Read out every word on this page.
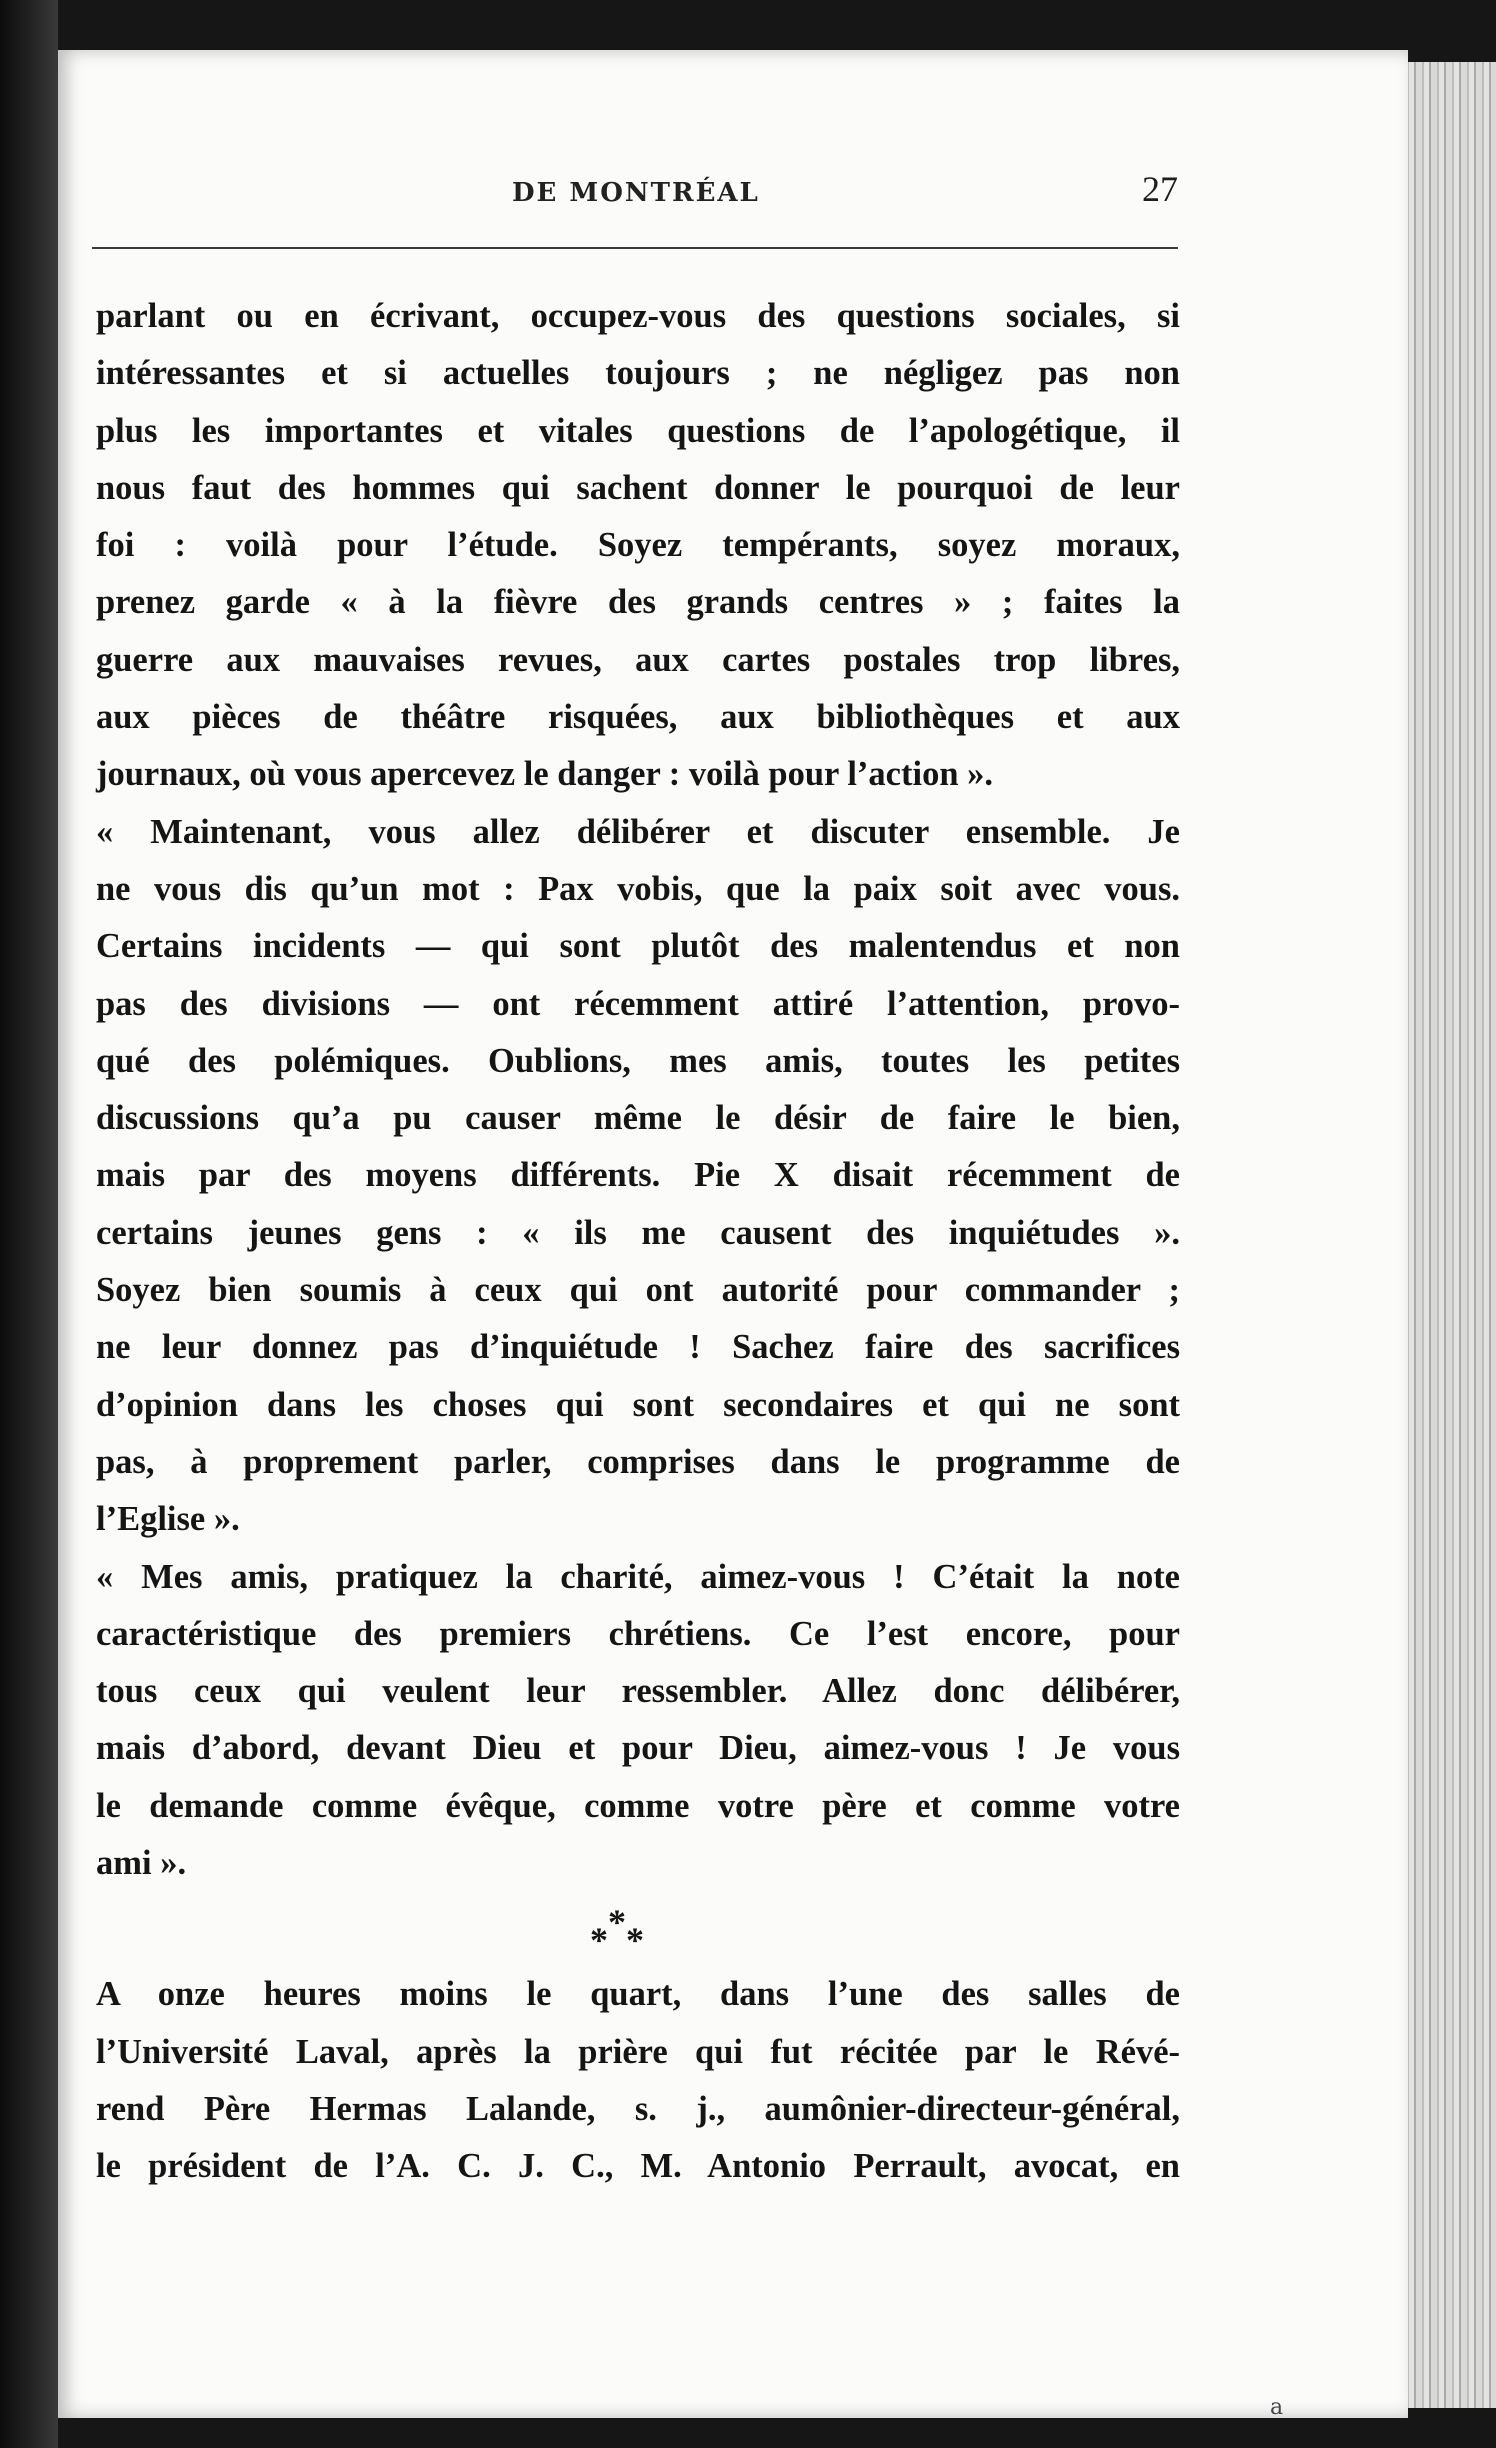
DE MONTRÉAL	27
parlant ou en écrivant, occupez-vous des questions sociales, si
intéressantes et si actuelles toujours ; ne négligez pas non
plus les importantes et vitales questions de l’apologétique, il
nous faut des hommes qui sachent donner le pourquoi de leur
foi : voilà pour l’étude. Soyez tempérants, soyez moraux,
prenez garde « à la fièvre des grands centres » ; faites la
guerre aux mauvaises revues, aux cartes postales trop libres,
aux pièces de théâtre risquées, aux bibliothèques et aux
journaux, où vous apercevez le danger : voilà pour l’action ».
« Maintenant, vous allez délibérer et discuter ensemble. Je
ne vous dis qu’un mot : Pax vobis, que la paix soit avec vous.
Certains incidents — qui sont plutôt des malentendus et non
pas des divisions — ont récemment attiré l’attention, provo-
qué des polémiques. Oublions, mes amis, toutes les petites
discussions qu’a pu causer même le désir de faire le bien,
mais par des moyens différents. Pie X disait récemment de
certains jeunes gens : « ils me causent des inquiétudes ».
Soyez bien soumis à ceux qui ont autorité pour commander ;
ne leur donnez pas d’inquiétude ! Sachez faire des sacrifices
d’opinion dans les choses qui sont secondaires et qui ne sont
pas, à proprement parler, comprises dans le programme de
l’Eglise ».
« Mes amis, pratiquez la charité, aimez-vous ! C’était la note
caractéristique des premiers chrétiens. Ce l’est encore, pour
tous ceux qui veulent leur ressembler. Allez donc délibérer,
mais d’abord, devant Dieu et pour Dieu, aimez-vous ! Je vous
le demande comme évêque, comme votre père et comme votre
ami ».
*
* *
A onze heures moins le quart, dans l’une des salles de
l’Université Laval, après la prière qui fut récitée par le Révé-
rend Père Hermas Lalande, s. j., aumônier-directeur-général,
le président de l’A. C. J. C., M. Antonio Perrault, avocat, en
a
